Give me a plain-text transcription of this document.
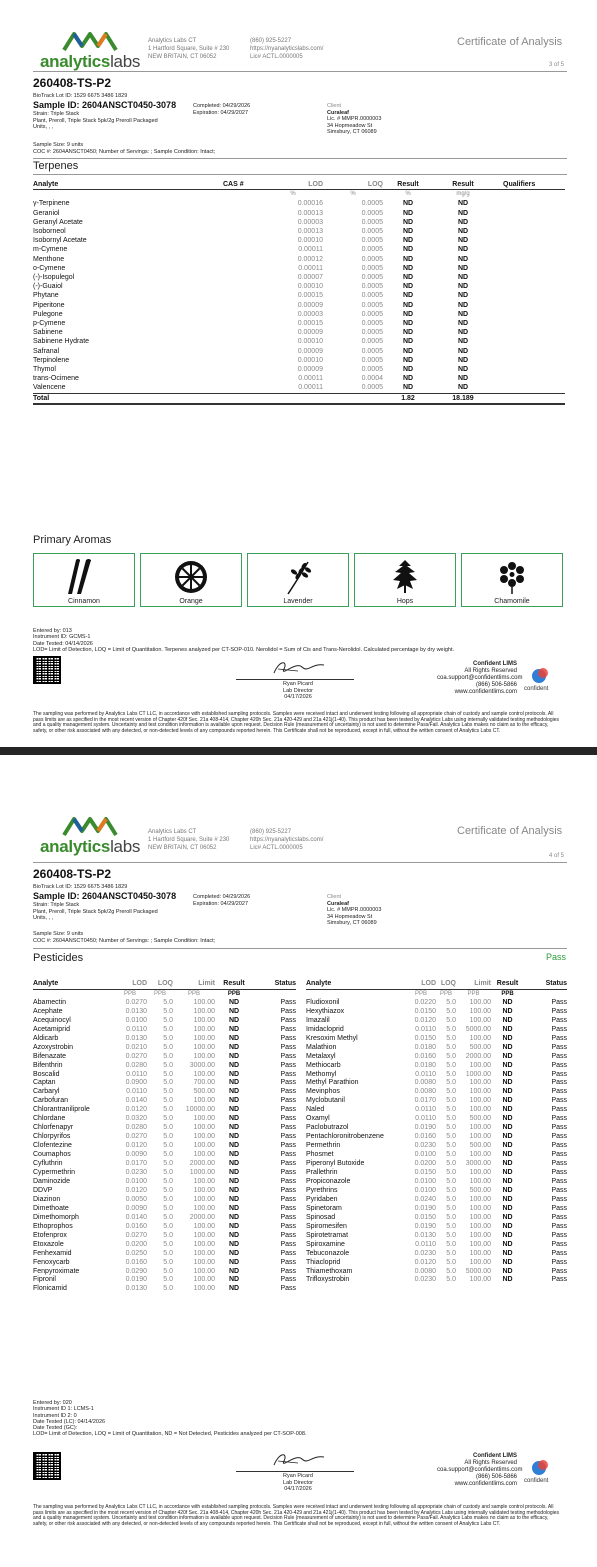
analyticslabs
Analytics Labs CT
1 Hartford Square, Suite # 230
NEW BRITAIN, CT 06052
(860) 925-5227
https://nyanalyticslabs.com/
Lic# ACTL.0000005
Certificate of Analysis
3 of 5
260408-TS-P2
BioTrack Lot ID: 1529 6675 3486 1829
Sample ID: 2604ANSCT0450-3078
Strain: Triple Stack
Plant, Preroll, Triple Stack 5pk/2g Preroll Packaged
Units, , ,
Completed: 04/29/2026
Expiration: 04/29/2027
Client
Curaleaf
Lic. # MMPR.0000003
34 Hopmeadow St
Simsbury, CT 06089
Sample Size: 9 units
COC #: 2604ANSCT0450; Number of Servings: ; Sample Condition: Intact;
Terpenes
Analyte	CAS #	LOD	LOQ	Result	Result	Qualifiers
		%	%	%	mg/g	
γ-Terpinene		0.00016	0.0005	ND	ND	
Geraniol		0.00013	0.0005	ND	ND	
Geranyl Acetate		0.00003	0.0005	ND	ND	
Isoborneol		0.00013	0.0005	ND	ND	
Isobornyl Acetate		0.00010	0.0005	ND	ND	
m-Cymene		0.00011	0.0005	ND	ND	
Menthone		0.00012	0.0005	ND	ND	
o-Cymene		0.00011	0.0005	ND	ND	
(-)-Isopulegol		0.00007	0.0005	ND	ND	
(-)-Guaiol		0.00010	0.0005	ND	ND	
Phytane		0.00015	0.0005	ND	ND	
Piperitone		0.00009	0.0005	ND	ND	
Pulegone		0.00003	0.0005	ND	ND	
p-Cymene		0.00015	0.0005	ND	ND	
Sabinene		0.00009	0.0005	ND	ND	
Sabinene Hydrate		0.00010	0.0005	ND	ND	
Safranal		0.00009	0.0005	ND	ND	
Terpinolene		0.00010	0.0005	ND	ND	
Thymol		0.00009	0.0005	ND	ND	
trans-Ocimene		0.00011	0.0004	ND	ND	
Valencene		0.00011	0.0005	ND	ND	
Total				1.82	18.189	
Primary Aromas
Cinnamon	Orange	Lavender	Hops	Chamomile
Entered by: 013
Instrument ID: GCMS-1
Date Tested: 04/14/2026
LOD= Limit of Detection, LOQ = Limit of Quantitation. Terpenes analyzed per CT-SOP-010. Nerolidol = Sum of Cis and Trans-Nerolidol. Calculated percentage by dry weight.
Ryan Picard
Lab Director
04/17/2026
Confident LIMS
All Rights Reserved
coa.support@confidentlims.com
(866) 506-5866
www.confidentlims.com confident
The sampling was performed by Analytics Labs CT LLC, in accordance with established sampling protocols. Samples were received intact and underwent testing following all appropriate chain of custody and sample control protocols. All pass limits are as specified in the most recent version of Chapter 420f Sec. 21a 408-414, Chapter 420h Sec. 21a 420-429 and 21a 421j(1-40). This product has been tested by Analytics Labs using internally validated testing methodologies and a quality management system. Uncertainty and test condition information is available upon request. Decision Rule (measurement of uncertainty) is not used to determine Pass/Fail. Analytics Labs makes no claim as to the efficacy, safety, or other risk associated with any detected, or non-detected levels of any compounds reported herein. This Certificate shall not be reproduced, except in full, without the written consent of Analytics Labs CT.
analyticslabs
Analytics Labs CT
1 Hartford Square, Suite # 230
NEW BRITAIN, CT 06052
(860) 925-5227
https://nyanalyticslabs.com/
Lic# ACTL.0000005
Certificate of Analysis
4 of 5
260408-TS-P2
BioTrack Lot ID: 1529 6675 3486 1829
Sample ID: 2604ANSCT0450-3078
Strain: Triple Stack
Plant, Preroll, Triple Stack 5pk/2g Preroll Packaged
Units, , ,
Completed: 04/29/2026
Expiration: 04/29/2027
Client
Curaleaf
Lic. # MMPR.0000003
34 Hopmeadow St
Simsbury, CT 06089
Sample Size: 9 units
COC #: 2604ANSCT0450; Number of Servings: ; Sample Condition: Intact;
Pesticides	Pass
Analyte	LOD	LOQ	Limit	Result	Status
	PPB	PPB	PPB	PPB	
Abamectin	0.0270	5.0	100.00	ND	Pass
Acephate	0.0130	5.0	100.00	ND	Pass
Acequinocyl	0.0100	5.0	100.00	ND	Pass
Acetamiprid	0.0110	5.0	100.00	ND	Pass
Aldicarb	0.0130	5.0	100.00	ND	Pass
Azoxystrobin	0.0210	5.0	100.00	ND	Pass
Bifenazate	0.0270	5.0	100.00	ND	Pass
Bifenthrin	0.0280	5.0	3000.00	ND	Pass
Boscalid	0.0110	5.0	100.00	ND	Pass
Captan	0.0900	5.0	700.00	ND	Pass
Carbaryl	0.0110	5.0	500.00	ND	Pass
Carbofuran	0.0140	5.0	100.00	ND	Pass
Chlorantraniliprole	0.0120	5.0	10000.00	ND	Pass
Chlordane	0.0320	5.0	100.00	ND	Pass
Chlorfenapyr	0.0280	5.0	100.00	ND	Pass
Chlorpyrifos	0.0270	5.0	100.00	ND	Pass
Clofentezine	0.0120	5.0	100.00	ND	Pass
Coumaphos	0.0090	5.0	100.00	ND	Pass
Cyfluthrin	0.0170	5.0	2000.00	ND	Pass
Cypermethrin	0.0230	5.0	1000.00	ND	Pass
Daminozide	0.0100	5.0	100.00	ND	Pass
DDVP	0.0120	5.0	100.00	ND	Pass
Diazinon	0.0050	5.0	100.00	ND	Pass
Dimethoate	0.0090	5.0	100.00	ND	Pass
Dimethomorph	0.0140	5.0	2000.00	ND	Pass
Ethoprophos	0.0160	5.0	100.00	ND	Pass
Etofenprox	0.0270	5.0	100.00	ND	Pass
Etoxazole	0.0200	5.0	100.00	ND	Pass
Fenhexamid	0.0250	5.0	100.00	ND	Pass
Fenoxycarb	0.0160	5.0	100.00	ND	Pass
Fenpyroximate	0.0290	5.0	100.00	ND	Pass
Fipronil	0.0190	5.0	100.00	ND	Pass
Flonicamid	0.0130	5.0	100.00	ND	Pass
Analyte	LOD	LOQ	Limit	Result	Status
	PPB	PPB	PPB	PPB	
Fludioxonil	0.0220	5.0	100.00	ND	Pass
Hexythiazox	0.0150	5.0	100.00	ND	Pass
Imazalil	0.0120	5.0	100.00	ND	Pass
Imidacloprid	0.0110	5.0	5000.00	ND	Pass
Kresoxim Methyl	0.0150	5.0	100.00	ND	Pass
Malathion	0.0180	5.0	500.00	ND	Pass
Metalaxyl	0.0160	5.0	2000.00	ND	Pass
Methiocarb	0.0180	5.0	100.00	ND	Pass
Methomyl	0.0110	5.0	1000.00	ND	Pass
Methyl Parathion	0.0080	5.0	100.00	ND	Pass
Mevinphos	0.0080	5.0	100.00	ND	Pass
Myclobutanil	0.0170	5.0	100.00	ND	Pass
Naled	0.0110	5.0	100.00	ND	Pass
Oxamyl	0.0110	5.0	500.00	ND	Pass
Paclobutrazol	0.0190	5.0	100.00	ND	Pass
Pentachloronitrobenzene	0.0160	5.0	100.00	ND	Pass
Permethrin	0.0230	5.0	500.00	ND	Pass
Phosmet	0.0100	5.0	100.00	ND	Pass
Piperonyl Butoxide	0.0200	5.0	3000.00	ND	Pass
Prallethrin	0.0150	5.0	100.00	ND	Pass
Propiconazole	0.0100	5.0	100.00	ND	Pass
Pyrethrins	0.0100	5.0	500.00	ND	Pass
Pyridaben	0.0240	5.0	100.00	ND	Pass
Spinetoram	0.0190	5.0	100.00	ND	Pass
Spinosad	0.0150	5.0	100.00	ND	Pass
Spiromesifen	0.0190	5.0	100.00	ND	Pass
Spirotetramat	0.0130	5.0	100.00	ND	Pass
Spiroxamine	0.0110	5.0	100.00	ND	Pass
Tebuconazole	0.0230	5.0	100.00	ND	Pass
Thiacloprid	0.0120	5.0	100.00	ND	Pass
Thiamethoxam	0.0080	5.0	5000.00	ND	Pass
Trifloxystrobin	0.0230	5.0	100.00	ND	Pass
Entered by: 020
Instrument ID 1: LCMS-1
Instrument ID 2: 0
Date Tested (LC): 04/14/2026
Date Tested (GC):
LOD= Limit of Detection, LOQ = Limit of Quantitation, ND = Not Detected, Pesticides analyzed per CT-SOP-008.
Ryan Picard
Lab Director
04/17/2026
Confident LIMS
All Rights Reserved
coa.support@confidentlims.com
(866) 506-5866
www.confidentlims.com confident
The sampling was performed by Analytics Labs CT LLC, in accordance with established sampling protocols. Samples were received intact and underwent testing following all appropriate chain of custody and sample control protocols. All pass limits are as specified in the most recent version of Chapter 420f Sec. 21a 408-414, Chapter 420h Sec. 21a 420-429 and 21a 421j(1-40). This product has been tested by Analytics Labs using internally validated testing methodologies and a quality management system. Uncertainty and test condition information is available upon request. Decision Rule (measurement of uncertainty) is not used to determine Pass/Fail. Analytics Labs makes no claim as to the efficacy, safety, or other risk associated with any detected, or non-detected levels of any compounds reported herein. This Certificate shall not be reproduced, except in full, without the written consent of Analytics Labs CT.
